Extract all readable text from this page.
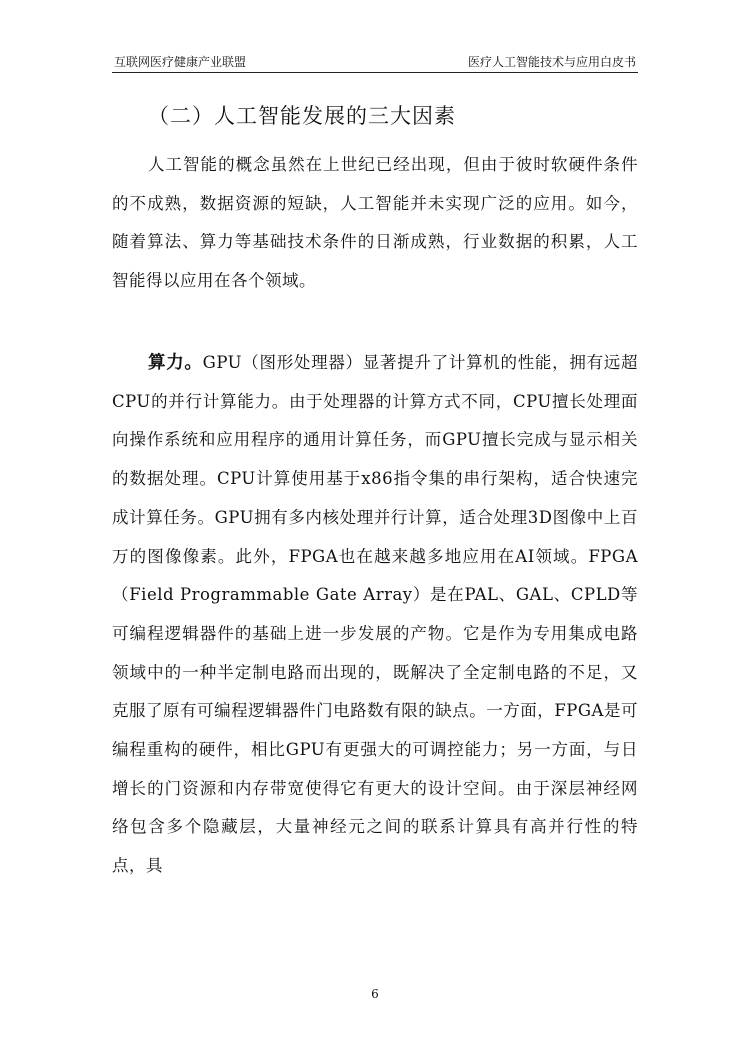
互联网医疗健康产业联盟	医疗人工智能技术与应用白皮书
（二）人工智能发展的三大因素
人工智能的概念虽然在上世纪已经出现，但由于彼时软硬件条件的不成熟，数据资源的短缺，人工智能并未实现广泛的应用。如今，随着算法、算力等基础技术条件的日渐成熟，行业数据的积累，人工智能得以应用在各个领域。
算力。GPU（图形处理器）显著提升了计算机的性能，拥有远超CPU的并行计算能力。由于处理器的计算方式不同，CPU擅长处理面向操作系统和应用程序的通用计算任务，而GPU擅长完成与显示相关的数据处理。CPU计算使用基于x86指令集的串行架构，适合快速完成计算任务。GPU拥有多内核处理并行计算，适合处理3D图像中上百万的图像像素。此外，FPGA也在越来越多地应用在AI领域。FPGA（Field Programmable Gate Array）是在PAL、GAL、CPLD等可编程逻辑器件的基础上进一步发展的产物。它是作为专用集成电路领域中的一种半定制电路而出现的，既解决了全定制电路的不足，又克服了原有可编程逻辑器件门电路数有限的缺点。一方面，FPGA是可编程重构的硬件，相比GPU有更强大的可调控能力；另一方面，与日增长的门资源和内存带宽使得它有更大的设计空间。由于深层神经网络包含多个隐藏层，大量神经元之间的联系计算具有高并行性的特点，具
6
